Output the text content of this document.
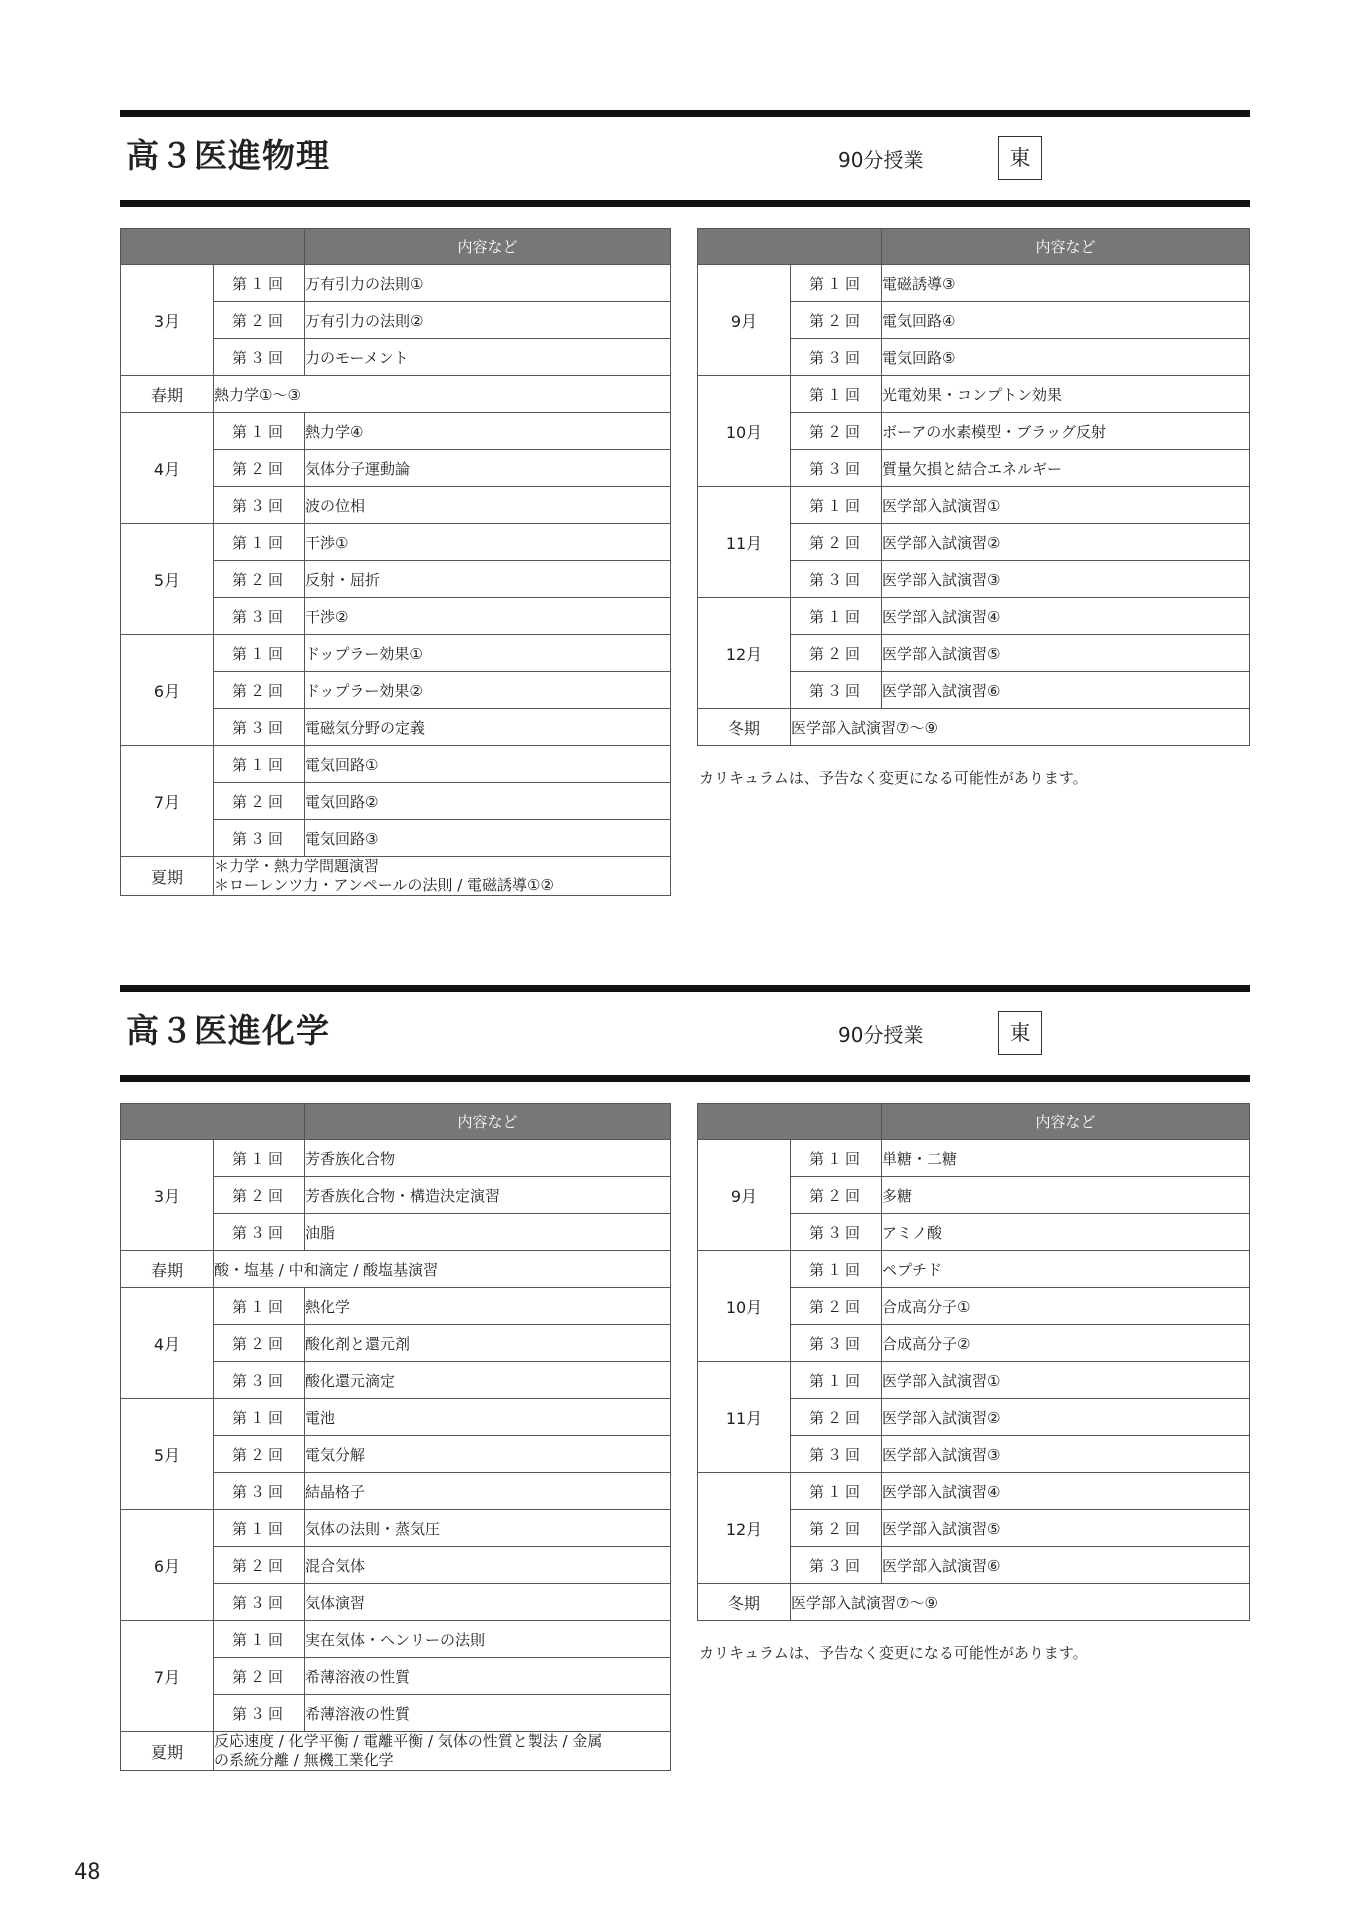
高３医進物理	90分授業	東
		内容など
3月	第１回	万有引力の法則①
	第２回	万有引力の法則②
	第３回	力のモーメント
春期	熱力学①～③	
4月	第１回	熱力学④
	第２回	気体分子運動論
	第３回	波の位相
5月	第１回	干渉①
	第２回	反射・屈折
	第３回	干渉②
6月	第１回	ドップラー効果①
	第２回	ドップラー効果②
	第３回	電磁気分野の定義
7月	第１回	電気回路①
	第２回	電気回路②
	第３回	電気回路③
夏期	＊力学・熱力学問題演習
＊ローレンツ力・アンペールの法則 / 電磁誘導①②	
		内容など
9月	第１回	電磁誘導③
	第２回	電気回路④
	第３回	電気回路⑤
10月	第１回	光電効果・コンプトン効果
	第２回	ボーアの水素模型・ブラッグ反射
	第３回	質量欠損と結合エネルギー
11月	第１回	医学部入試演習①
	第２回	医学部入試演習②
	第３回	医学部入試演習③
12月	第１回	医学部入試演習④
	第２回	医学部入試演習⑤
	第３回	医学部入試演習⑥
冬期	医学部入試演習⑦～⑨	
カリキュラムは、予告なく変更になる可能性があります。
高３医進化学	90分授業	東
		内容など
3月	第１回	芳香族化合物
	第２回	芳香族化合物・構造決定演習
	第３回	油脂
春期	酸・塩基 / 中和滴定 / 酸塩基演習	
4月	第１回	熱化学
	第２回	酸化剤と還元剤
	第３回	酸化還元滴定
5月	第１回	電池
	第２回	電気分解
	第３回	結晶格子
6月	第１回	気体の法則・蒸気圧
	第２回	混合気体
	第３回	気体演習
7月	第１回	実在気体・ヘンリーの法則
	第２回	希薄溶液の性質
	第３回	希薄溶液の性質
夏期	反応速度 / 化学平衡 / 電離平衡 / 気体の性質と製法 / 金属
の系統分離 / 無機工業化学	
		内容など
9月	第１回	単糖・二糖
	第２回	多糖
	第３回	アミノ酸
10月	第１回	ペプチド
	第２回	合成高分子①
	第３回	合成高分子②
11月	第１回	医学部入試演習①
	第２回	医学部入試演習②
	第３回	医学部入試演習③
12月	第１回	医学部入試演習④
	第２回	医学部入試演習⑤
	第３回	医学部入試演習⑥
冬期	医学部入試演習⑦～⑨	
カリキュラムは、予告なく変更になる可能性があります。
48
